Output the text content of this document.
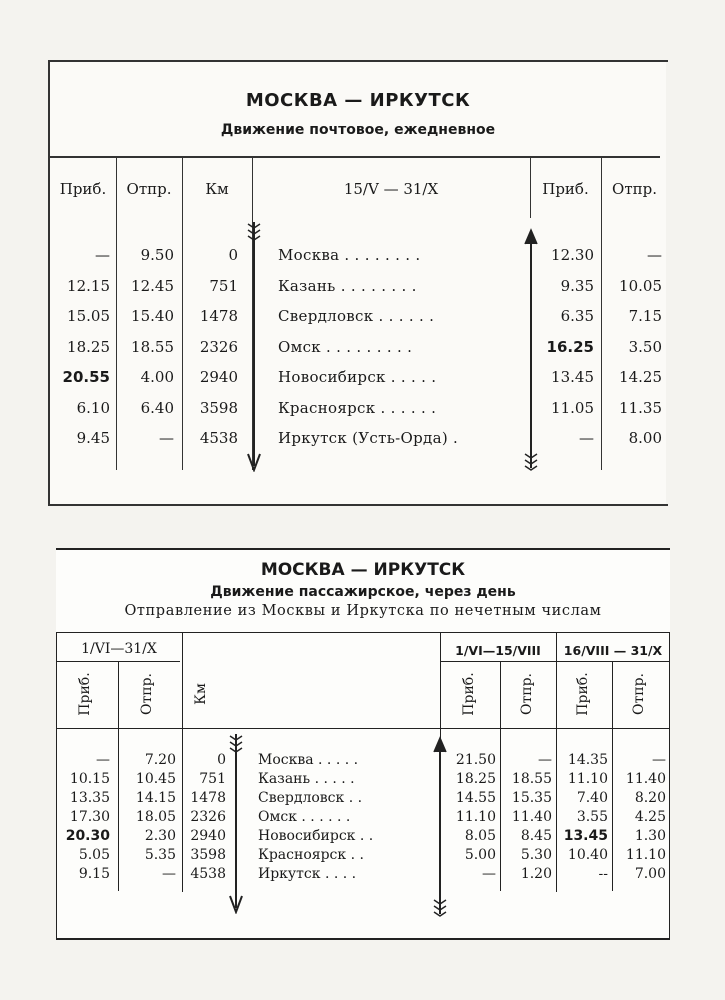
МОСКВА — ИРКУТСК
Движение почтовое, ежедневное
Приб.	Отпр.	Км	15/V — 31/X	Приб.	Отпр.
—	9.50	0	Москва . . . . . . . .	12.30	—
12.15	12.45	751	Казань . . . . . . . .	9.35	10.05
15.05	15.40	1478	Свердловск . . . . . .	6.35	7.15
18.25	18.55	2326	Омск . . . . . . . . .	16.25	3.50
20.55	4.00	2940	Новосибирск . . . . .	13.45	14.25
6.10	6.40	3598	Красноярск . . . . . .	11.05	11.35
9.45	—	4538	Иркутск (Усть-Орда) .	—	8.00
МОСКВА — ИРКУТСК
Движение пассажирское, через день
Отправление из Москвы и Иркутска по нечетным числам
1/VI—31/X	1/VI—15/VIII	16/VIII — 31/X
Приб.	Отпр.	Км	Приб.	Отпр.	Приб.	Отпр.
—	7.20	0 Москва . . . . .	21.50	—	14.35	—
10.15	10.45	751 Казань . . . . .	18.25	18.55	11.10	11.40
13.35	14.15	1478 Свердловск . .	14.55	15.35	7.40	8.20
17.30	18.05	2326 Омск . . . . . .	11.10	11.40	3.55	4.25
20.30	2.30	2940 Новосибирск . .	8.05	8.45 13.45	1.30
5.05	5.35	3598 Красноярск . .	5.00	5.30	10.40	11.10
9.15	—	4538 Иркутск . . . .	—	1.20	--	7.00
